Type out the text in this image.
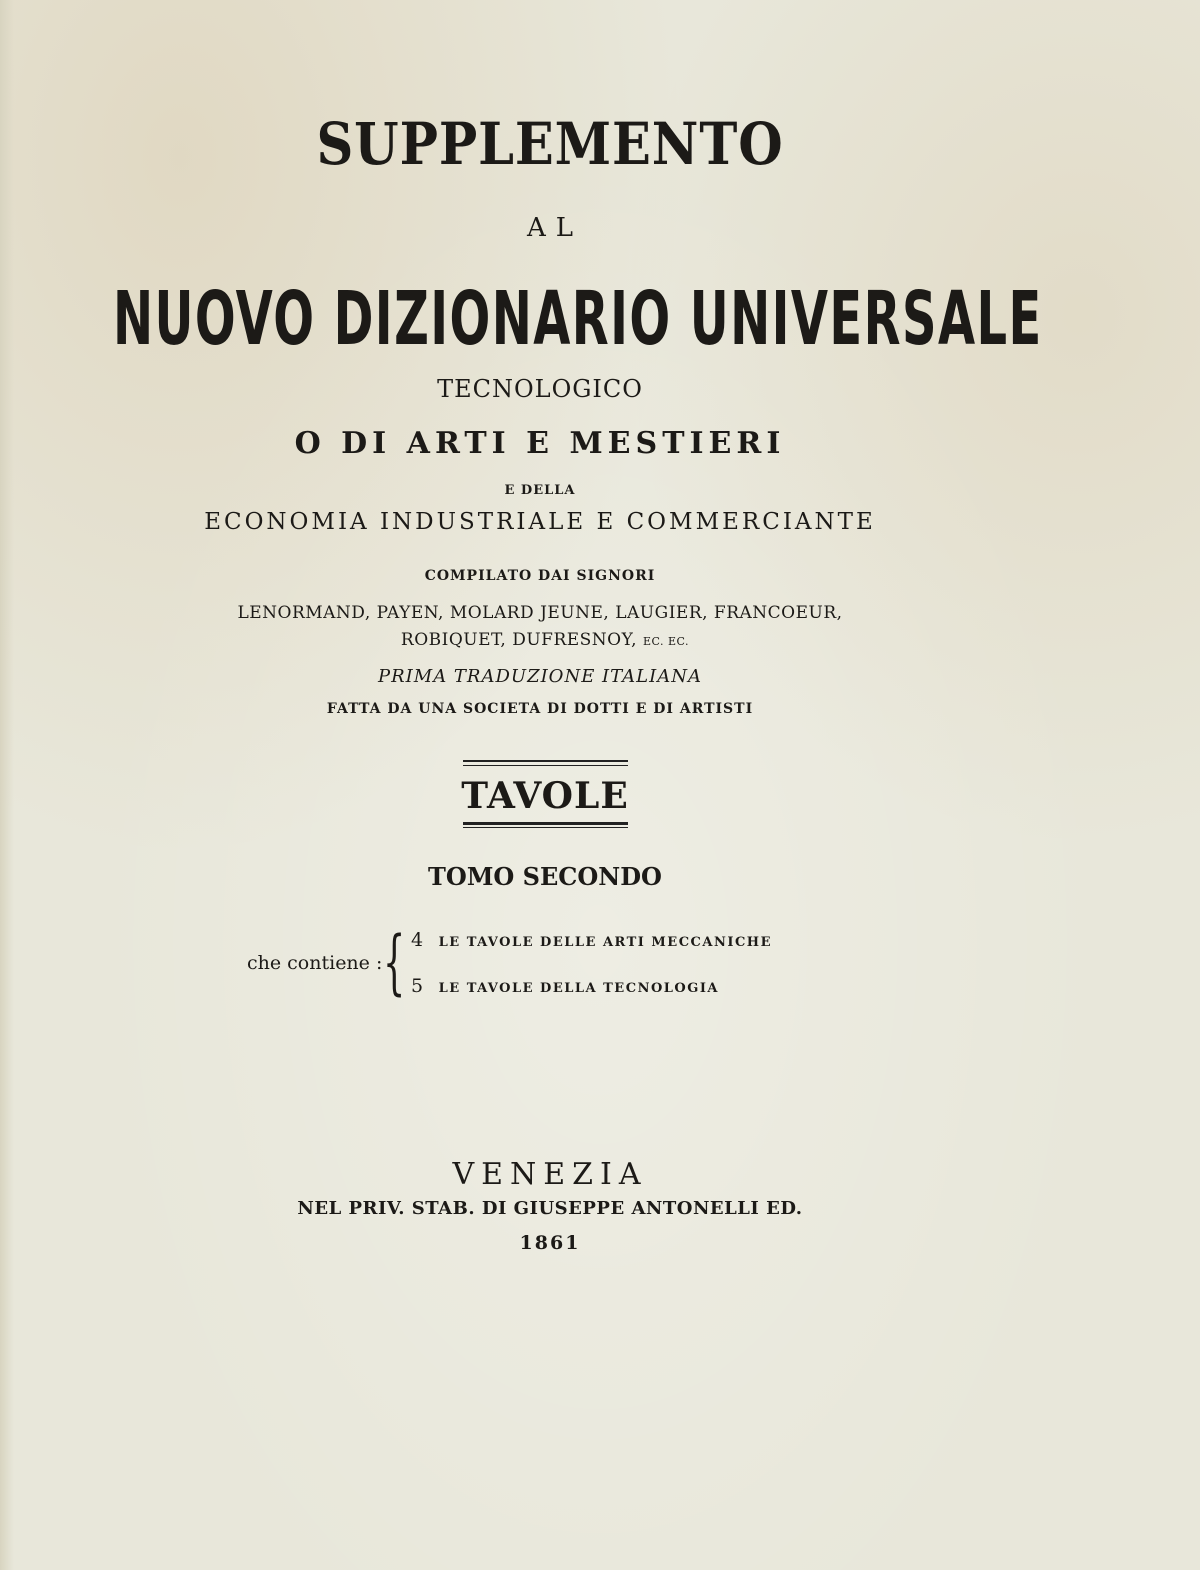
SUPPLEMENTO
AL
NUOVO DIZIONARIO UNIVERSALE
TECNOLOGICO
O DI ARTI E MESTIERI
E DELLA
ECONOMIA INDUSTRIALE E COMMERCIANTE
COMPILATO DAI SIGNORI
LENORMAND, PAYEN, MOLARD JEUNE, LAUGIER, FRANCOEUR,
ROBIQUET, DUFRESNOY, EC. EC.
PRIMA TRADUZIONE ITALIANA
FATTA DA UNA SOCIETA DI DOTTI E DI ARTISTI
TAVOLE
TOMO SECONDO
che contiene : { 4 LE TAVOLE DELLE ARTI MECCANICHE
5 LE TAVOLE DELLA TECNOLOGIA
VENEZIA
NEL PRIV. STAB. DI GIUSEPPE ANTONELLI ED.
1861
